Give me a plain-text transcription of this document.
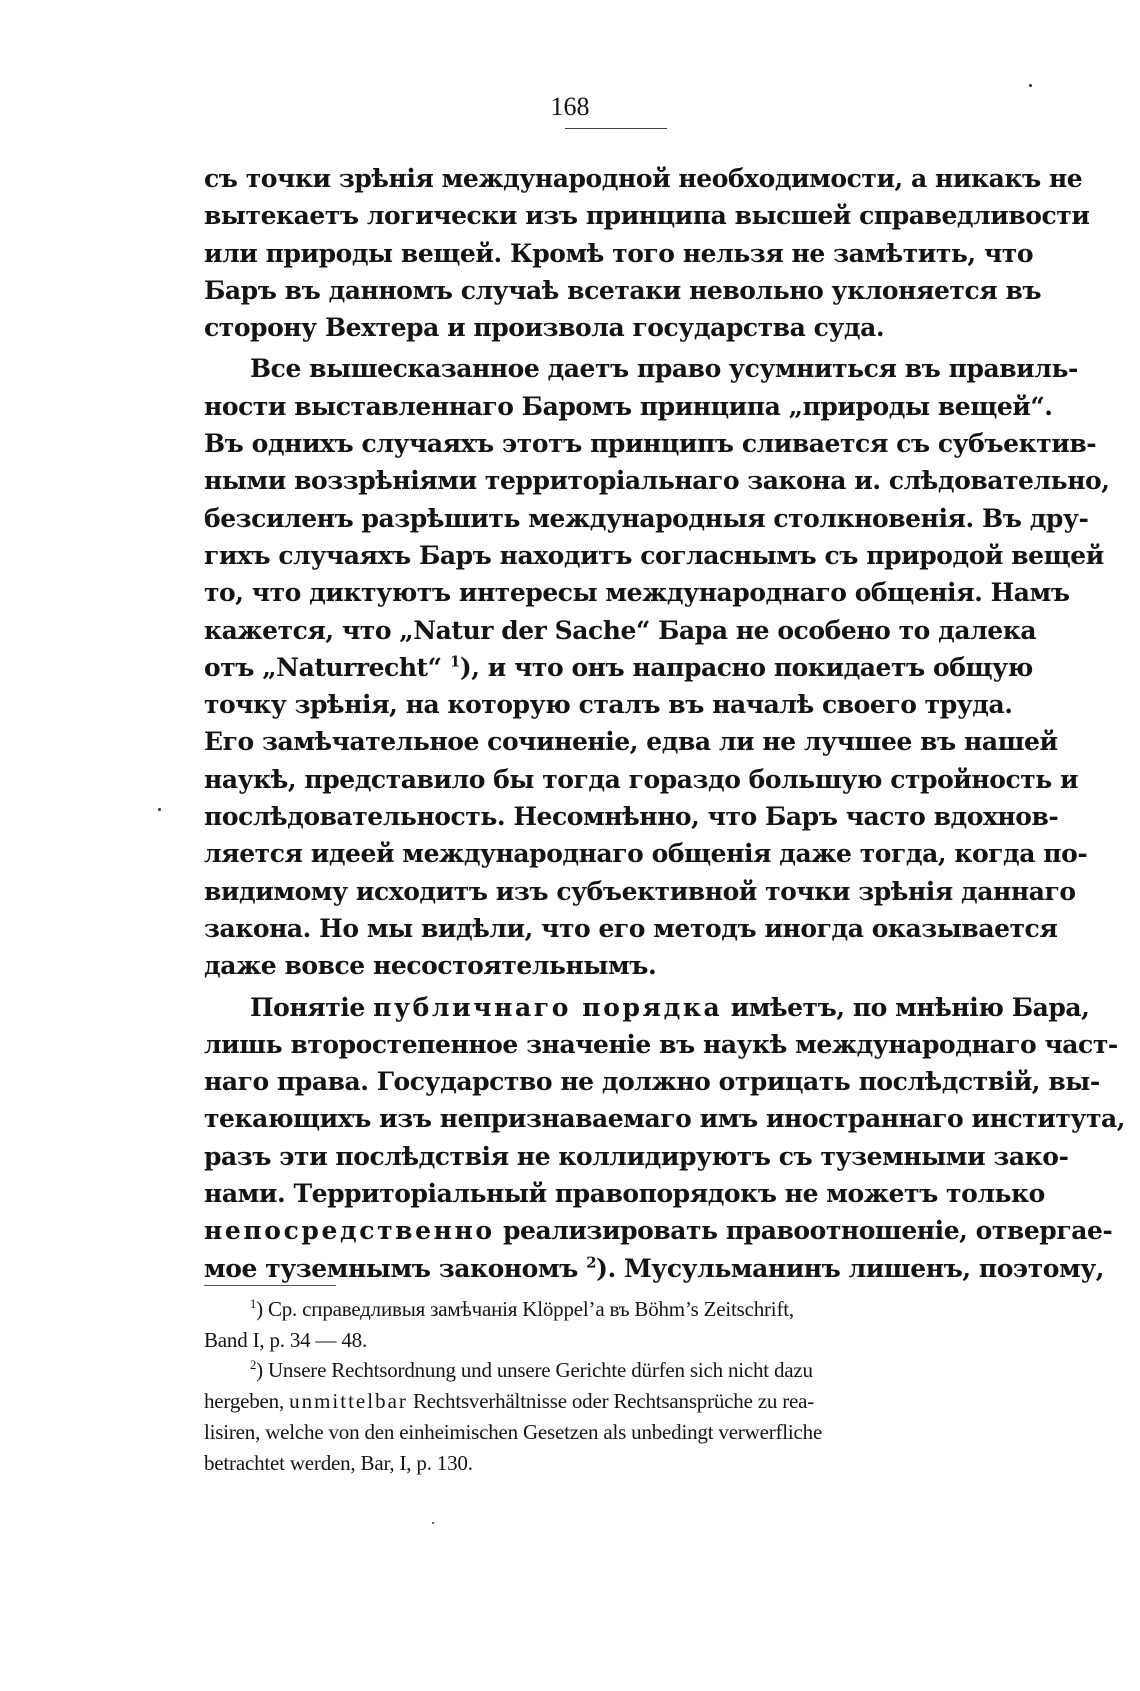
168
съ точки зрѣнія международной необходимости, а никакъ не
вытекаетъ логически изъ принципа высшей справедливости
или природы вещей. Кромѣ того нельзя не замѣтить, что
Баръ въ данномъ случаѣ всетаки невольно уклоняется въ
сторону Вехтера и произвола государства суда.
Все вышесказанное даетъ право усумниться въ правиль-
ности выставленнаго Баромъ принципа „природы вещей“.
Въ однихъ случаяхъ этотъ принципъ сливается съ субъектив-
ными воззрѣніями территоріальнаго закона и. слѣдовательно,
безсиленъ разрѣшить международныя столкновенія. Въ дру-
гихъ случаяхъ Баръ находитъ согласнымъ съ природой вещей
то, что диктуютъ интересы международнаго общенія. Намъ
кажется, что „Natur der Sache“ Бара не особено то далека
отъ „Naturrecht“ $^1$), и что онъ напрасно покидаетъ общую
точку зрѣнія, на которую сталъ въ началѣ своего труда.
Его замѣчательное сочиненіе, едва ли не лучшее въ нашей
наукѣ, представило бы тогда гораздо большую стройность и
послѣдовательность. Несомнѣнно, что Баръ часто вдохнов-
ляется идеей международнаго общенія даже тогда, когда по-
видимому исходитъ изъ субъективной точки зрѣнія даннаго
закона. Но мы видѣли, что его методъ иногда оказывается
даже вовсе несостоятельнымъ.
Понятіе публичнаго порядка имѣетъ, по мнѣнію Бара,
лишь второстепенное значеніе въ наукѣ международнаго част-
наго права. Государство не должно отрицать послѣдствій, вы-
текающихъ изъ непризнаваемаго имъ иностраннаго института,
разъ эти послѣдствія не коллидируютъ съ туземными зако-
нами. Территоріальный правопорядокъ не можетъ только
непосредственно реализировать правоотношеніе, отвергае-
мое туземнымъ закономъ $^2$). Мусульманинъ лишенъ, поэтому,
$^1$) Ср. справедливыя замѣчанія Klöppel’а въ Böhm’s Zeitschrift,
Band I, p. 34 — 48.
$^2$) Unsere Rechtsordnung und unsere Gerichte dürfen sich nicht dazu
hergeben, unmittelbar Rechtsverhältnisse oder Rechtsansprüche zu rea-
lisiren, welche von den einheimischen Gesetzen als unbedingt verwerfliche
betrachtet werden, Bar, I, p. 130.
